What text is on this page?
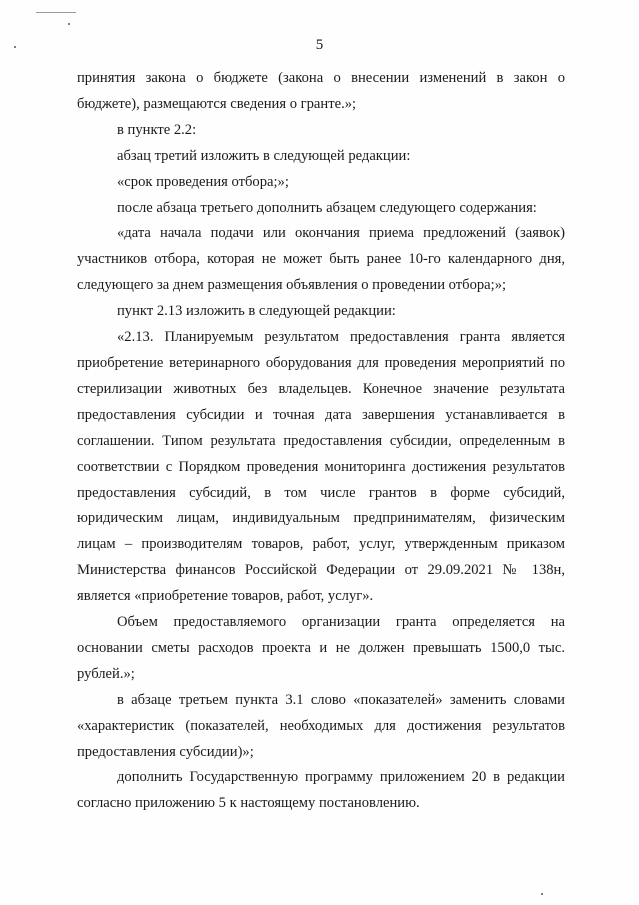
5

принятия закона о бюджете (закона о внесении изменений в закон о бюджете), размещаются сведения о гранте.»;

в пункте 2.2:

абзац третий изложить в следующей редакции:

«срок проведения отбора;»;

после абзаца третьего дополнить абзацем следующего содержания:

«дата начала подачи или окончания приема предложений (заявок) участников отбора, которая не может быть ранее 10-го календарного дня, следующего за днем размещения объявления о проведении отбора;»;

пункт 2.13 изложить в следующей редакции:

«2.13. Планируемым результатом предоставления гранта является приобретение ветеринарного оборудования для проведения мероприятий по стерилизации животных без владельцев. Конечное значение результата предоставления субсидии и точная дата завершения устанавливается в соглашении. Типом результата предоставления субсидии, определенным в соответствии с Порядком проведения мониторинга достижения результатов предоставления субсидий, в том числе грантов в форме субсидий, юридическим лицам, индивидуальным предпринимателям, физическим лицам – производителям товаров, работ, услуг, утвержденным приказом Министерства финансов Российской Федерации от 29.09.2021 № 138н, является «приобретение товаров, работ, услуг».

Объем предоставляемого организации гранта определяется на основании сметы расходов проекта и не должен превышать 1500,0 тыс. рублей.»;

в абзаце третьем пункта 3.1 слово «показателей» заменить словами «характеристик (показателей, необходимых для достижения результатов предоставления субсидии)»;

дополнить Государственную программу приложением 20 в редакции согласно приложению 5 к настоящему постановлению.
